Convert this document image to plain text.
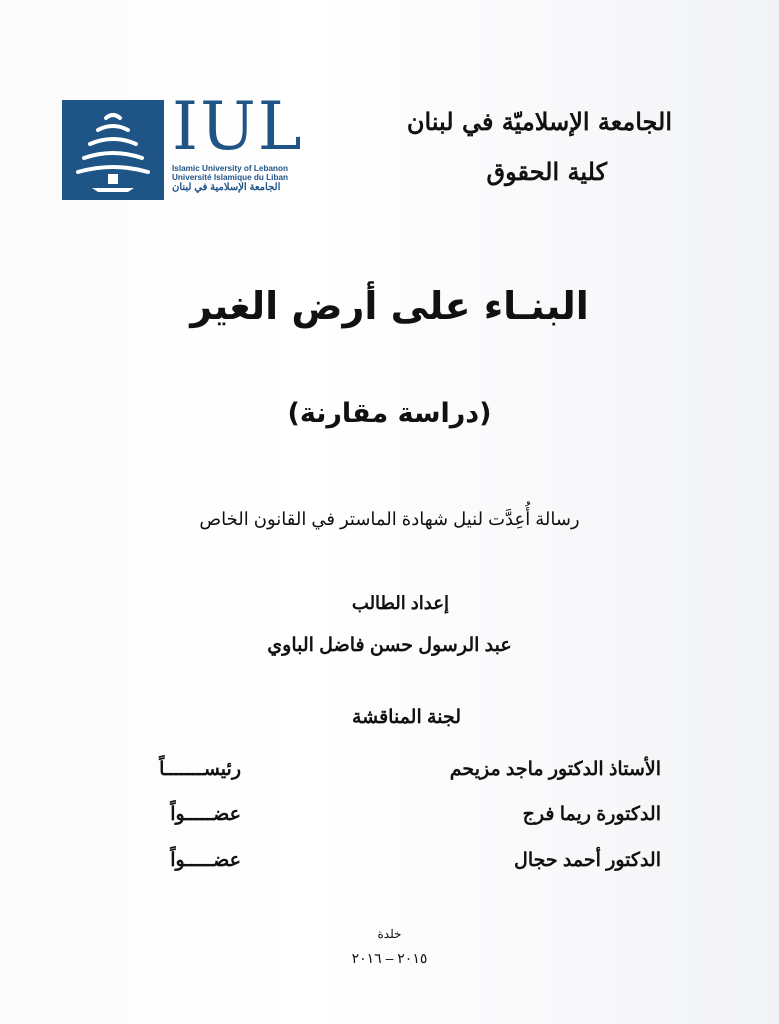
IUL
Islamic University of Lebanon
Université Islamique du Liban
الجامعة الإسلامية في لبنان
الجامعة الإسلاميّة في لبنان
كلية الحقوق
البنـاء على أرض الغير
(دراسة مقارنة)
رسالة أُعِدَّت لنيل شهادة الماستر في القانون الخاص
إعداد الطالب
عبد الرسول حسن فاضل الباوي
لجنة المناقشة
الأستاذ الدكتور ماجد مزيحم
رئيســـــــاً
الدكتورة ريما فرج
عضـــــواً
الدكتور أحمد حجال
عضـــــواً
خلدة
٢٠١٥ – ٢٠١٦
